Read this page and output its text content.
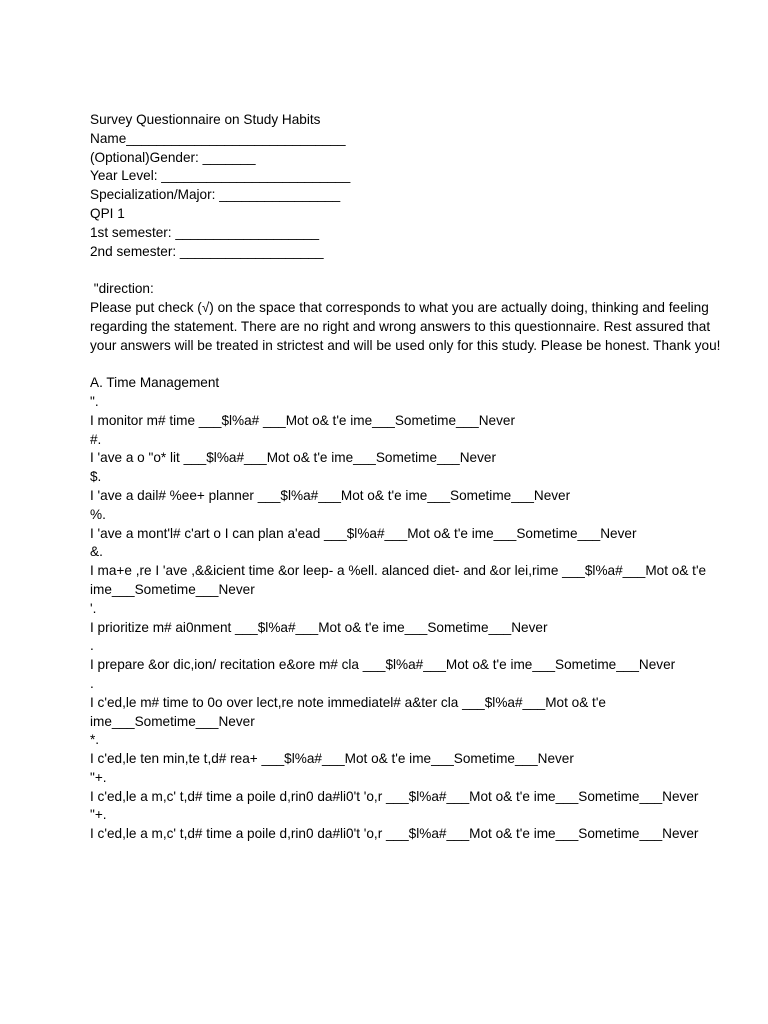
Survey Questionnaire on Study Habits
Name_____________________________
(Optional)Gender: _______
Year Level: _________________________
Specialization/Major: ________________
QPI 1
1st semester: ___________________
2nd semester: ___________________
"direction:
Please put check (√) on the space that corresponds to what you are actually doing, thinking and feeling regarding the statement. There are no right and wrong answers to this questionnaire. Rest assured that your answers will be treated in strictest and will be used only for this study. Please be honest. Thank you!
A. Time Management
".
I monitor m# time ___$l%a# ___Mot o& t'e ime___Sometime___Never
#.
I 'ave a o "o* lit ___$l%a#___Mot o& t'e ime___Sometime___Never
$.
I 'ave a dail# %ee+ planner ___$l%a#___Mot o& t'e ime___Sometime___Never
%.
I 'ave a mont'l# c'art o I can plan a'ead ___$l%a#___Mot o& t'e ime___Sometime___Never
&.
I ma+e ,re I 'ave ,&&icient time &or leep- a %ell. alanced diet- and &or lei,rime ___$l%a#___Mot o& t'e ime___Sometime___Never
'.
I prioritize m# ai0nment ___$l%a#___Mot o& t'e ime___Sometime___Never
.
I prepare &or dic,ion/ recitation e&ore m# cla ___$l%a#___Mot o& t'e ime___Sometime___Never
.
I c'ed,le m# time to 0o over lect,re note immediatel# a&ter cla ___$l%a#___Mot o& t'e ime___Sometime___Never
*.
I c'ed,le ten min,te t,d# rea+ ___$l%a#___Mot o& t'e ime___Sometime___Never
"+.
I c'ed,le a m,c' t,d# time a poile d,rin0 da#li0't 'o,r ___$l%a#___Mot o& t'e ime___Sometime___Never
"+.
I c'ed,le a m,c' t,d# time a poile d,rin0 da#li0't 'o,r ___$l%a#___Mot o& t'e ime___Sometime___Never
